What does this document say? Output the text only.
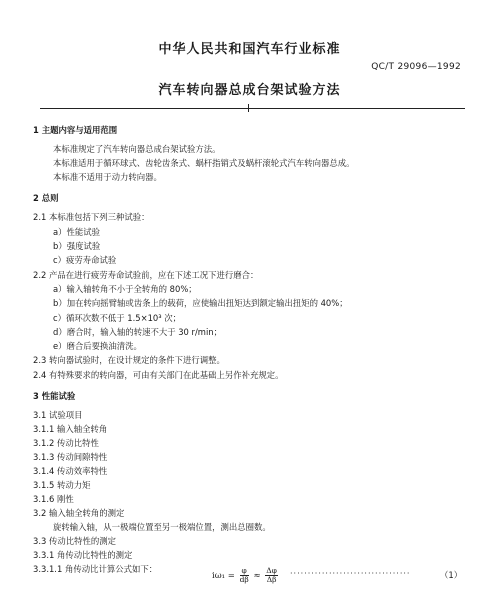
中华人民共和国汽车行业标准
QC/T 29096—1992
汽车转向器总成台架试验方法
1 主题内容与适用范围
本标准规定了汽车转向器总成台架试验方法。
本标准适用于循环球式、齿轮齿条式、蜗杆指销式及蜗杆滚轮式汽车转向器总成。
本标准不适用于动力转向器。
2 总则
2.1 本标准包括下列三种试验：
a）性能试验
b）强度试验
c）疲劳寿命试验
2.2 产品在进行疲劳寿命试验前，应在下述工况下进行磨合：
a）输入轴转角不小于全转角的 80%；
b）加在转向摇臂轴或齿条上的载荷，应使输出扭矩达到额定输出扭矩的 40%；
c）循环次数不低于 1.5×10³ 次；
d）磨合时，输入轴的转速不大于 30 r/min；
e）磨合后要换油清洗。
2.3 转向器试验时，在设计规定的条件下进行调整。
2.4 有特殊要求的转向器，可由有关部门在此基础上另作补充规定。
3 性能试验
3.1 试验项目
3.1.1 输入轴全转角
3.1.2 传动比特性
3.1.3 传动间隙特性
3.1.4 传动效率特性
3.1.5 转动力矩
3.1.6 刚性
3.2 输入轴全转角的测定
旋转输入轴，从一极端位置至另一极端位置，测出总圈数。
3.3 传动比特性的测定
3.3.1 角传动比特性的测定
3.3.1.1 角传动比计算公式如下：
$i\omega_1 = \frac{\varphi}{d\beta} \approx \frac{\Delta\varphi}{\Delta\beta}$ ··································	（1）
